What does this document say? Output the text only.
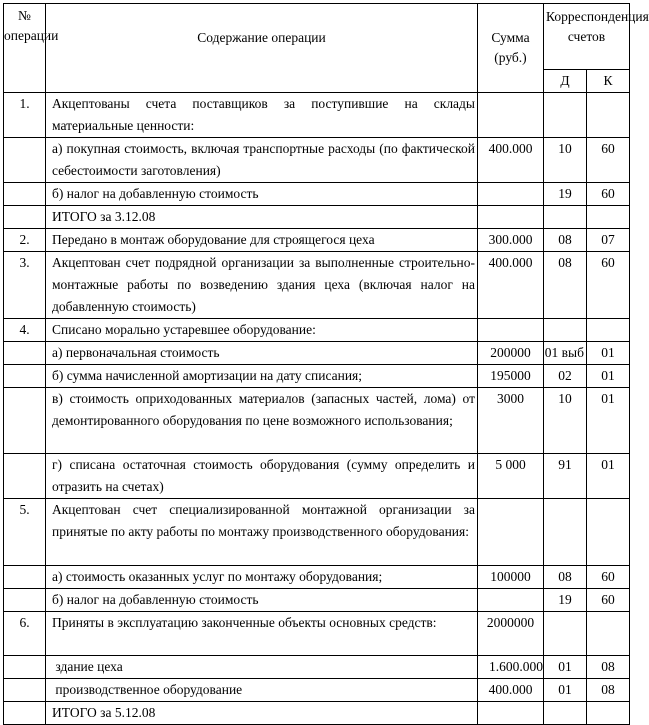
№ операции	Содержание операции	Сумма (руб.)	Корреспонденция счетов	
			Д	К
1.	Акцептованы счета поставщиков за поступившие на склады материальные ценности:			
	а) покупная стоимость, включая транспортные расходы (по фактической себестоимости заготовления)	400.000	10	60
	б) налог на добавленную стоимость		19	60
	ИТОГО за 3.12.08			
2.	Передано в монтаж оборудование для строящегося цеха	300.000	08	07
3.	Акцептован счет подрядной организации за выполненные строительно-монтажные работы по возведению здания цеха (включая налог на добавленную стоимость)	400.000	08	60
4.	Списано морально устаревшее оборудование:			
	а) первоначальная стоимость	200000	01 выб	01
	б) сумма начисленной амортизации на дату списания;	195000	02	01
	в) стоимость оприходованных материалов (запасных частей, лома) от демонтированного оборудования по цене возможного использования;	3000	10	01
	г) списана остаточная стоимость оборудования (сумму определить и отразить на счетах)	5 000	91	01
5.	Акцептован счет специализированной монтажной организации за принятые по акту работы по монтажу производственного оборудования:			
	а) стоимость оказанных услуг по монтажу оборудования;	100000	08	60
	б) налог на добавленную стоимость		19	60
6.	Приняты в эксплуатацию законченные объекты основных средств:	2000000		
	здание цеха	1.600.000	01	08
	производственное оборудование	400.000	01	08
	ИТОГО за 5.12.08			
